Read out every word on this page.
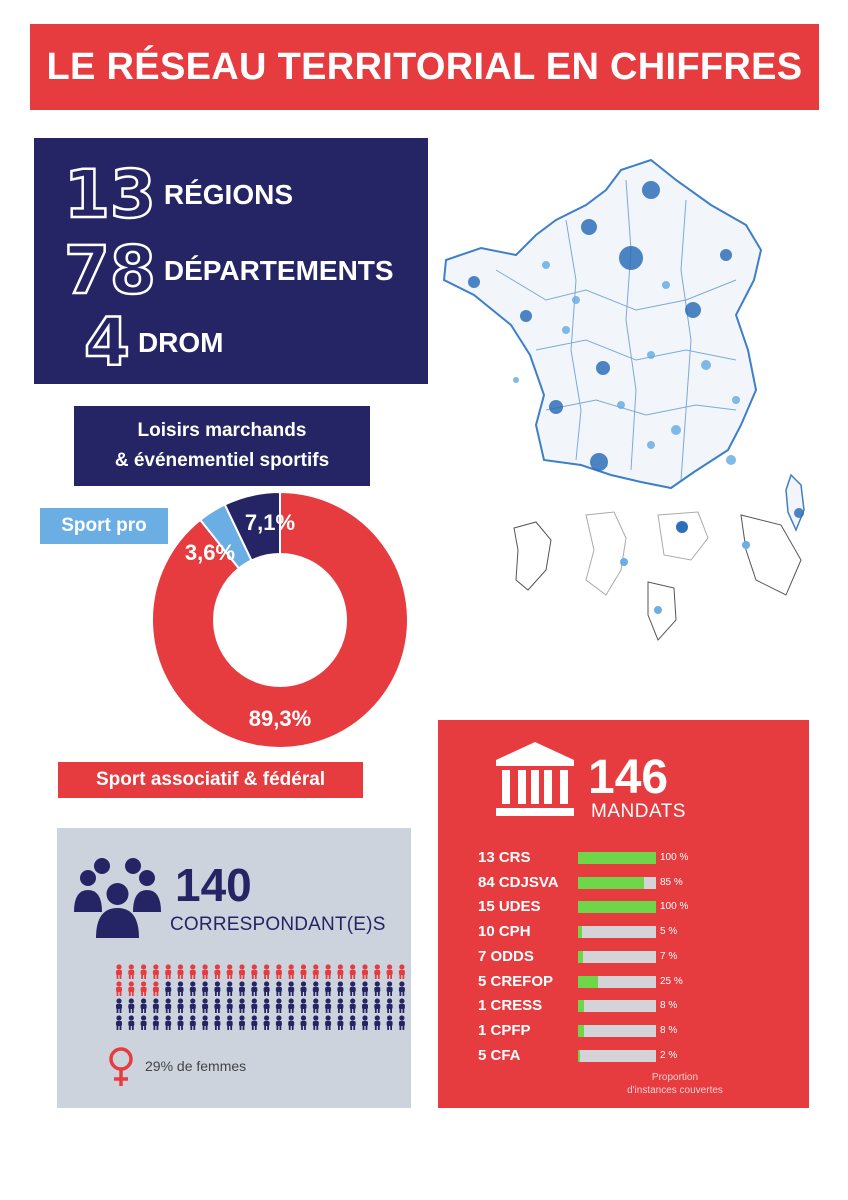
LE RÉSEAU TERRITORIAL EN CHIFFRES
13 RÉGIONS
78 DÉPARTEMENTS
4 DROM
Loisirs marchands
& événementiel sportifs
Sport pro
Sport associatif & fédéral
89,3%
3,6%
7,1%
140
CORRESPONDANT(E)S
29% de femmes
146
MANDATS
13 CRS	100 %
84 CDJSVA	85 %
15 UDES	100 %
10 CPH	5 %
7 ODDS	7 %
5 CREFOP	25 %
1 CRESS	8 %
1 CPFP	8 %
5 CFA	2 %
Proportion
d'instances couvertes
